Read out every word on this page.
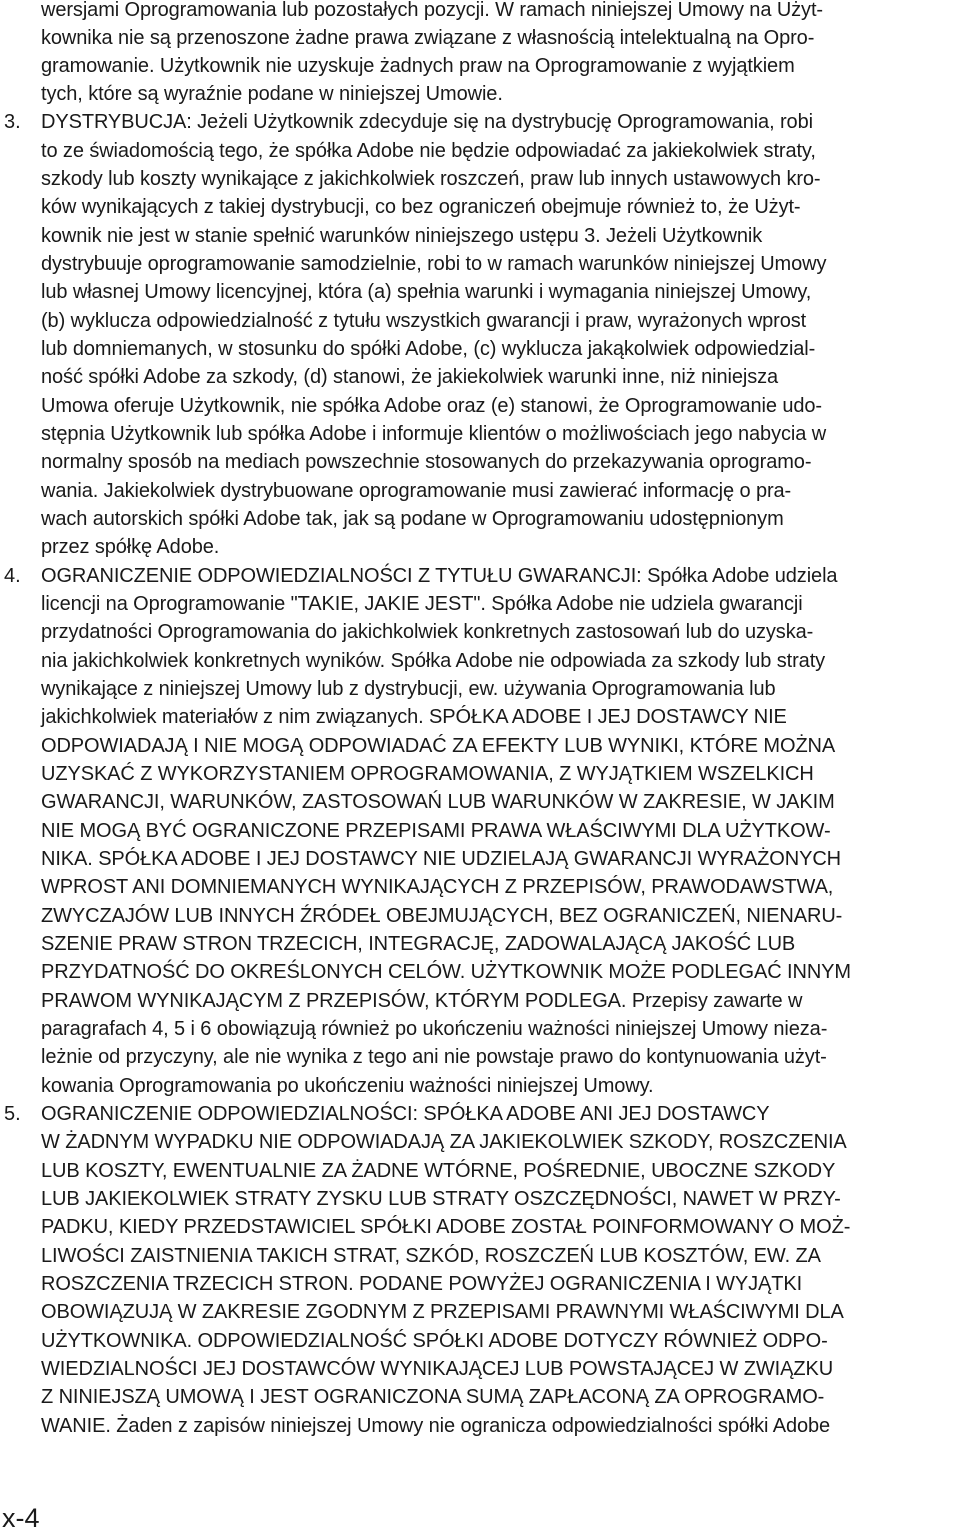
wersjami Oprogramowania lub pozostałych pozycji. W ramach niniejszej Umowy na Użyt-
kownika nie są przenoszone żadne prawa związane z własnością intelektualną na Opro-
gramowanie. Użytkownik nie uzyskuje żadnych praw na Oprogramowanie z wyjątkiem
tych, które są wyraźnie podane w niniejszej Umowie.
3. DYSTRYBUCJA: Jeżeli Użytkownik zdecyduje się na dystrybucję Oprogramowania, robi
to ze świadomością tego, że spółka Adobe nie będzie odpowiadać za jakiekolwiek straty,
szkody lub koszty wynikające z jakichkolwiek roszczeń, praw lub innych ustawowych kro-
ków wynikających z takiej dystrybucji, co bez ograniczeń obejmuje również to, że Użyt-
kownik nie jest w stanie spełnić warunków niniejszego ustępu 3. Jeżeli Użytkownik
dystrybuuje oprogramowanie samodzielnie, robi to w ramach warunków niniejszej Umowy
lub własnej Umowy licencyjnej, która (a) spełnia warunki i wymagania niniejszej Umowy,
(b) wyklucza odpowiedzialność z tytułu wszystkich gwarancji i praw, wyrażonych wprost
lub domniemanych, w stosunku do spółki Adobe, (c) wyklucza jakąkolwiek odpowiedzial-
ność spółki Adobe za szkody, (d) stanowi, że jakiekolwiek warunki inne, niż niniejsza
Umowa oferuje Użytkownik, nie spółka Adobe oraz (e) stanowi, że Oprogramowanie udo-
stępnia Użytkownik lub spółka Adobe i informuje klientów o możliwościach jego nabycia w
normalny sposób na mediach powszechnie stosowanych do przekazywania oprogramo-
wania. Jakiekolwiek dystrybuowane oprogramowanie musi zawierać informację o pra-
wach autorskich spółki Adobe tak, jak są podane w Oprogramowaniu udostępnionym
przez spółkę Adobe.
4. OGRANICZENIE ODPOWIEDZIALNOŚCI Z TYTUŁU GWARANCJI: Spółka Adobe udziela
licencji na Oprogramowanie "TAKIE, JAKIE JEST". Spółka Adobe nie udziela gwarancji
przydatności Oprogramowania do jakichkolwiek konkretnych zastosowań lub do uzyska-
nia jakichkolwiek konkretnych wyników. Spółka Adobe nie odpowiada za szkody lub straty
wynikające z niniejszej Umowy lub z dystrybucji, ew. używania Oprogramowania lub
jakichkolwiek materiałów z nim związanych. SPÓŁKA ADOBE I JEJ DOSTAWCY NIE
ODPOWIADAJĄ I NIE MOGĄ ODPOWIADAĆ ZA EFEKTY LUB WYNIKI, KTÓRE MOŻNA
UZYSKAĆ Z WYKORZYSTANIEM OPROGRAMOWANIA, Z WYJĄTKIEM WSZELKICH
GWARANCJI, WARUNKÓW, ZASTOSOWAŃ LUB WARUNKÓW W ZAKRESIE, W JAKIM
NIE MOGĄ BYĆ OGRANICZONE PRZEPISAMI PRAWA WŁAŚCIWYMI DLA UŻYTKOW-
NIKA. SPÓŁKA ADOBE I JEJ DOSTAWCY NIE UDZIELAJĄ GWARANCJI WYRAŻONYCH
WPROST ANI DOMNIEMANYCH WYNIKAJĄCYCH Z PRZEPISÓW, PRAWODAWSTWA,
ZWYCZAJÓW LUB INNYCH ŹRÓDEŁ OBEJMUJĄCYCH, BEZ OGRANICZEŃ, NIENARU-
SZENIE PRAW STRON TRZECICH, INTEGRACJĘ, ZADOWALAJĄCĄ JAKOŚĆ LUB
PRZYDATNOŚĆ DO OKREŚLONYCH CELÓW. UŻYTKOWNIK MOŻE PODLEGAĆ INNYM
PRAWOM WYNIKAJĄCYM Z PRZEPISÓW, KTÓRYM PODLEGA. Przepisy zawarte w
paragrafach 4, 5 i 6 obowiązują również po ukończeniu ważności niniejszej Umowy nieza-
leżnie od przyczyny, ale nie wynika z tego ani nie powstaje prawo do kontynuowania użyt-
kowania Oprogramowania po ukończeniu ważności niniejszej Umowy.
5. OGRANICZENIE ODPOWIEDZIALNOŚCI: SPÓŁKA ADOBE ANI JEJ DOSTAWCY
W ŻADNYM WYPADKU NIE ODPOWIADAJĄ ZA JAKIEKOLWIEK SZKODY, ROSZCZENIA
LUB KOSZTY, EWENTUALNIE ZA ŻADNE WTÓRNE, POŚREDNIE, UBOCZNE SZKODY
LUB JAKIEKOLWIEK STRATY ZYSKU LUB STRATY OSZCZĘDNOŚCI, NAWET W PRZY-
PADKU, KIEDY PRZEDSTAWICIEL SPÓŁKI ADOBE ZOSTAŁ POINFORMOWANY O MOŻ-
LIWOŚCI ZAISTNIENIA TAKICH STRAT, SZKÓD, ROSZCZEŃ LUB KOSZTÓW, EW. ZA
ROSZCZENIA TRZECICH STRON. PODANE POWYŻEJ OGRANICZENIA I WYJĄTKI
OBOWIĄZUJĄ W ZAKRESIE ZGODNYM Z PRZEPISAMI PRAWNYMI WŁAŚCIWYMI DLA
UŻYTKOWNIKA. ODPOWIEDZIALNOŚĆ SPÓŁKI ADOBE DOTYCZY RÓWNIEŻ ODPO-
WIEDZIALNOŚCI JEJ DOSTAWCÓW WYNIKAJĄCEJ LUB POWSTAJĄCEJ W ZWIĄZKU
Z NINIEJSZĄ UMOWĄ I JEST OGRANICZONA SUMĄ ZAPŁACONĄ ZA OPROGRAMO-
WANIE. Żaden z zapisów niniejszej Umowy nie ogranicza odpowiedzialności spółki Adobe
x-4
